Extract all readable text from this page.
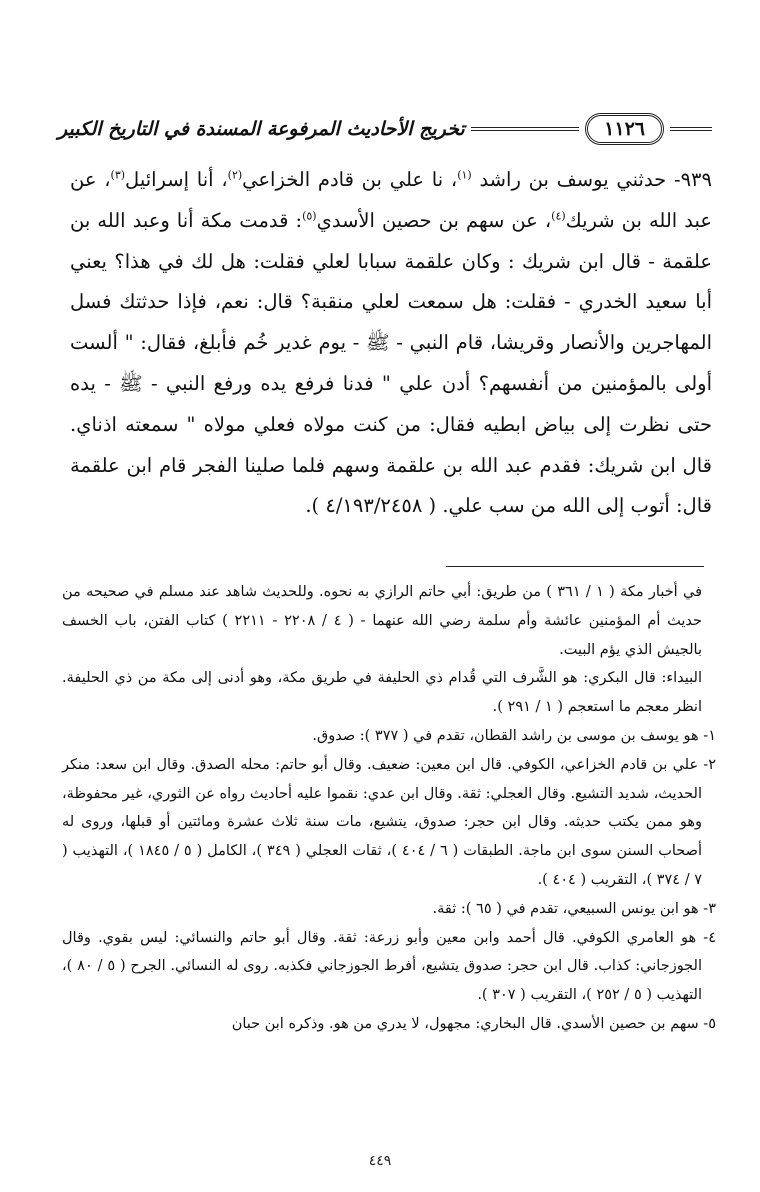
١١٢٦
تخريج الأحاديث المرفوعة المسندة في التاريخ الكبير

٩٣٩- حدثني يوسف بن راشد $^{(١)}$، نا علي بن قادم الخزاعي$^{(٢)}$، أنا إسرائيل$^{(٣)}$، عن عبد الله بن شريك$^{(٤)}$، عن سهم بن حصين الأسدي$^{(٥)}$: قدمت مكة أنا وعبد الله بن علقمة - قال ابن شريك : وكان علقمة سبابا لعلي فقلت: هل لك في هذا؟ يعني أبا سعيد الخدري - فقلت: هل سمعت لعلي منقبة؟ قال: نعم، فإذا حدثتك فسل المهاجرين والأنصار وقريشا، قام النبي - ﷺ - يوم غدير خُم فأبلغ، فقال: " ألست أولى بالمؤمنين من أنفسهم؟ أدن علي " فدنا فرفع يده ورفع النبي - ﷺ - يده حتى نظرت إلى بياض ابطيه فقال: من كنت مولاه فعلي مولاه " سمعته اذناي. قال ابن شريك: فقدم عبد الله بن علقمة وسهم فلما صلينا الفجر قام ابن علقمة قال: أتوب إلى الله من سب علي. ( ٤/١٩٣/٢٤٥٨ ).

في أخبار مكة ( ١ / ٣٦١ ) من طريق: أبي حاتم الرازي به نحوه. وللحديث شاهد عند مسلم في صحيحه من حديث أم المؤمنين عائشة وأم سلمة رضي الله عنهما - ( ٤ / ٢٢٠٨ - ٢٢١١ ) كتاب الفتن، باب الخسف بالجيش الذي يؤم البيت.

البيداء: قال البكري: هو الشَّرف التي قُدام ذي الحليفة في طريق مكة، وهو أدنى إلى مكة من ذي الحليفة. انظر معجم ما استعجم ( ١ / ٢٩١ ).

١- هو يوسف بن موسى بن راشد القطان، تقدم في ( ٣٧٧ ): صدوق.

٢- علي بن قادم الخزاعي، الكوفي. قال ابن معين: ضعيف. وقال أبو حاتم: محله الصدق. وقال ابن سعد: منكر الحديث، شديد التشيع. وقال العجلي: ثقة. وقال ابن عدي: نقموا عليه أحاديث رواه عن الثوري، غير محفوظة، وهو ممن يكتب حديثه. وقال ابن حجر: صدوق، يتشيع، مات سنة ثلاث عشرة ومائتين أو قبلها، وروى له أصحاب السنن سوى ابن ماجة. الطبقات ( ٦ / ٤٠٤ )، ثقات العجلي ( ٣٤٩ )، الكامل ( ٥ / ١٨٤٥ )، التهذيب ( ٧ / ٣٧٤ )، التقريب ( ٤٠٤ ).

٣- هو ابن يونس السبيعي، تقدم في ( ٦٥ ): ثقة.

٤- هو العامري الكوفي. قال أحمد وابن معين وأبو زرعة: ثقة. وقال أبو حاتم والنسائي: ليس بقوي. وقال الجوزجاني: كذاب. قال ابن حجر: صدوق يتشيع، أفرط الجوزجاني فكذبه. روى له النسائي. الجرح ( ٥ / ٨٠ )، التهذيب ( ٥ / ٢٥٢ )، التقريب ( ٣٠٧ ).

٥- سهم بن حصين الأسدي. قال البخاري: مجهول، لا يدري من هو. وذكره ابن حبان

٤٤٩
